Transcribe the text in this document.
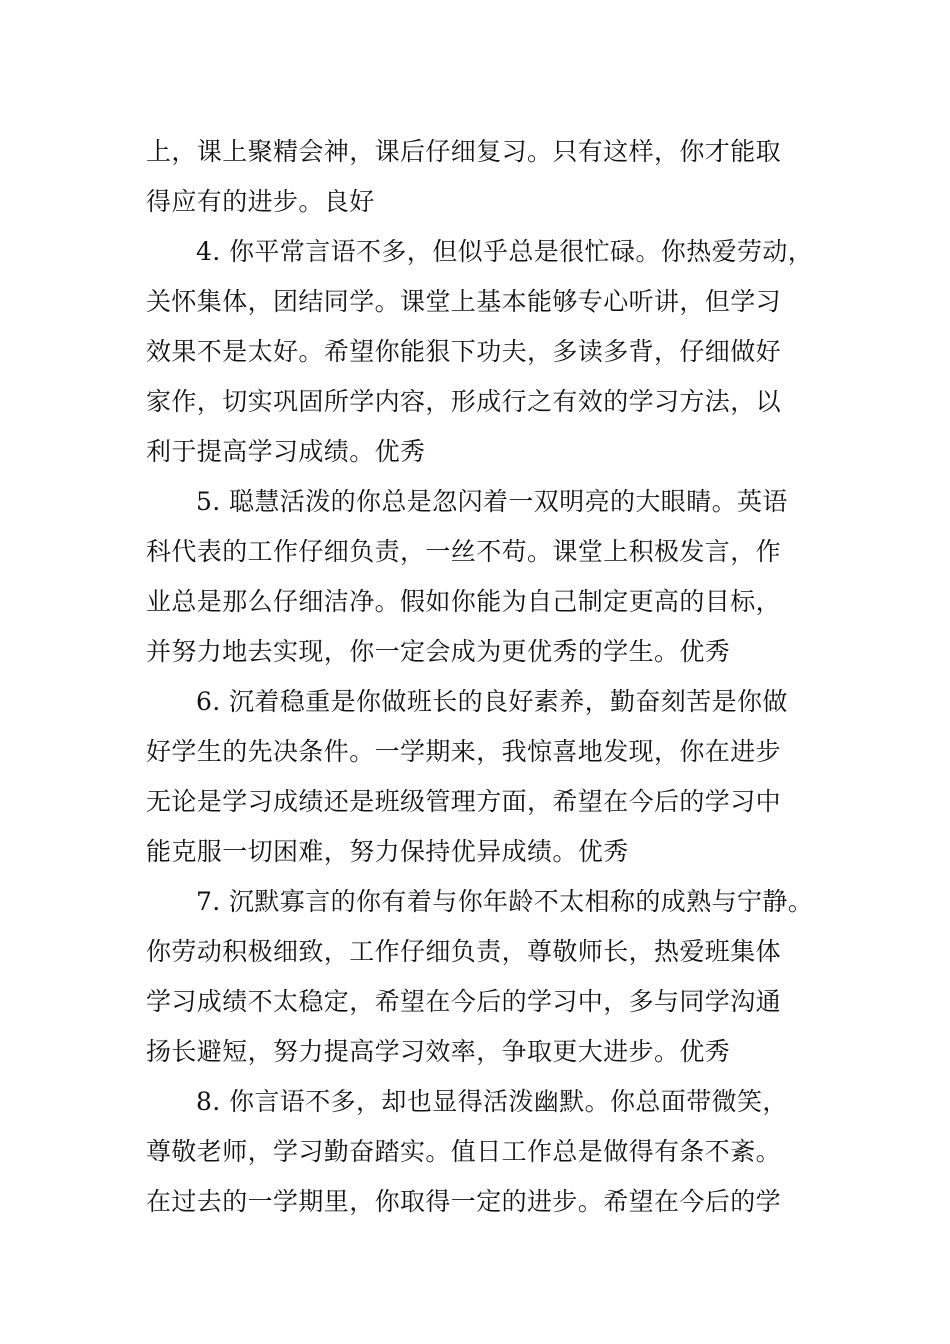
上，课上聚精会神，课后仔细复习。只有这样，你才能取
得应有的进步。良好
4. 你平常言语不多，但似乎总是很忙碌。你热爱劳动，
关怀集体，团结同学。课堂上基本能够专心听讲，但学习
效果不是太好。希望你能狠下功夫，多读多背，仔细做好
家作，切实巩固所学内容，形成行之有效的学习方法，以
利于提高学习成绩。优秀
5. 聪慧活泼的你总是忽闪着一双明亮的大眼睛。英语
科代表的工作仔细负责，一丝不苟。课堂上积极发言，作
业总是那么仔细洁净。假如你能为自己制定更高的目标，
并努力地去实现，你一定会成为更优秀的学生。优秀
6. 沉着稳重是你做班长的良好素养，勤奋刻苦是你做
好学生的先决条件。一学期来，我惊喜地发现，你在进步
无论是学习成绩还是班级管理方面，希望在今后的学习中
能克服一切困难，努力保持优异成绩。优秀
7. 沉默寡言的你有着与你年龄不太相称的成熟与宁静。
你劳动积极细致，工作仔细负责，尊敬师长，热爱班集体
学习成绩不太稳定，希望在今后的学习中，多与同学沟通
扬长避短，努力提高学习效率，争取更大进步。优秀
8. 你言语不多，却也显得活泼幽默。你总面带微笑，
尊敬老师，学习勤奋踏实。值日工作总是做得有条不紊。
在过去的一学期里，你取得一定的进步。希望在今后的学
